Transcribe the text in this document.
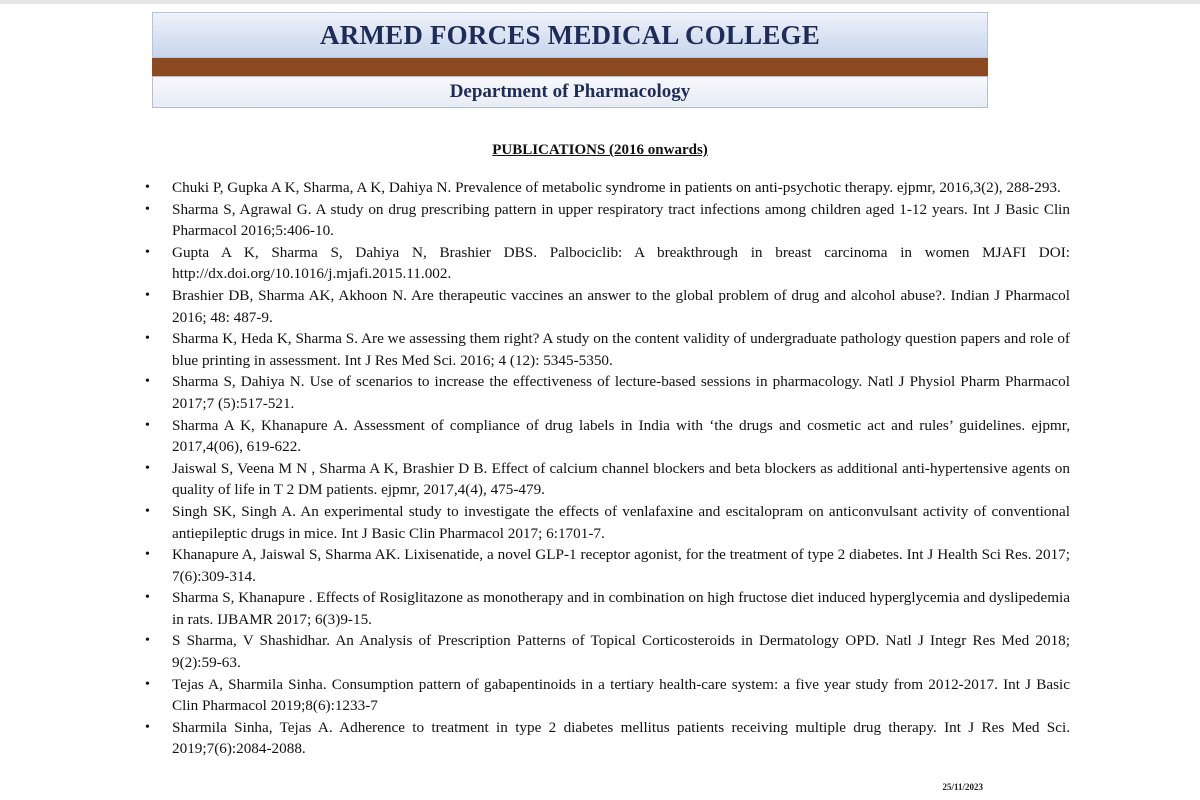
ARMED FORCES MEDICAL COLLEGE
Department of Pharmacology
PUBLICATIONS (2016 onwards)
• Chuki P, Gupka A K, Sharma, A K, Dahiya N. Prevalence of metabolic syndrome in patients on anti-psychotic therapy. ejpmr, 2016,3(2), 288-293.
• Sharma S, Agrawal G. A study on drug prescribing pattern in upper respiratory tract infections among children aged 1-12 years. Int J Basic Clin Pharmacol 2016;5:406-10.
• Gupta A K, Sharma S, Dahiya N, Brashier DBS. Palbociclib: A breakthrough in breast carcinoma in women MJAFI DOI: http://dx.doi.org/10.1016/j.mjafi.2015.11.002.
• Brashier DB, Sharma AK, Akhoon N. Are therapeutic vaccines an answer to the global problem of drug and alcohol abuse?. Indian J Pharmacol 2016; 48: 487-9.
• Sharma K, Heda K, Sharma S. Are we assessing them right? A study on the content validity of undergraduate pathology question papers and role of blue printing in assessment. Int J Res Med Sci. 2016; 4 (12): 5345-5350.
• Sharma S, Dahiya N. Use of scenarios to increase the effectiveness of lecture-based sessions in pharmacology. Natl J Physiol Pharm Pharmacol 2017;7 (5):517-521.
• Sharma A K, Khanapure A. Assessment of compliance of drug labels in India with ‘the drugs and cosmetic act and rules’ guidelines. ejpmr, 2017,4(06), 619-622.
• Jaiswal S, Veena M N , Sharma A K, Brashier D B. Effect of calcium channel blockers and beta blockers as additional anti-hypertensive agents on quality of life in T 2 DM patients. ejpmr, 2017,4(4), 475-479.
• Singh SK, Singh A. An experimental study to investigate the effects of venlafaxine and escitalopram on anticonvulsant activity of conventional antiepileptic drugs in mice. Int J Basic Clin Pharmacol 2017; 6:1701-7.
• Khanapure A, Jaiswal S, Sharma AK. Lixisenatide, a novel GLP-1 receptor agonist, for the treatment of type 2 diabetes. Int J Health Sci Res. 2017; 7(6):309-314.
• Sharma S, Khanapure . Effects of Rosiglitazone as monotherapy and in combination on high fructose diet induced hyperglycemia and dyslipedemia in rats. IJBAMR 2017; 6(3)9-15.
• S Sharma, V Shashidhar. An Analysis of Prescription Patterns of Topical Corticosteroids in Dermatology OPD. Natl J Integr Res Med 2018; 9(2):59-63.
• Tejas A, Sharmila Sinha. Consumption pattern of gabapentinoids in a tertiary health-care system: a five year study from 2012-2017. Int J Basic Clin Pharmacol 2019;8(6):1233-7
• Sharmila Sinha, Tejas A. Adherence to treatment in type 2 diabetes mellitus patients receiving multiple drug therapy. Int J Res Med Sci. 2019;7(6):2084-2088.
25/11/2023
